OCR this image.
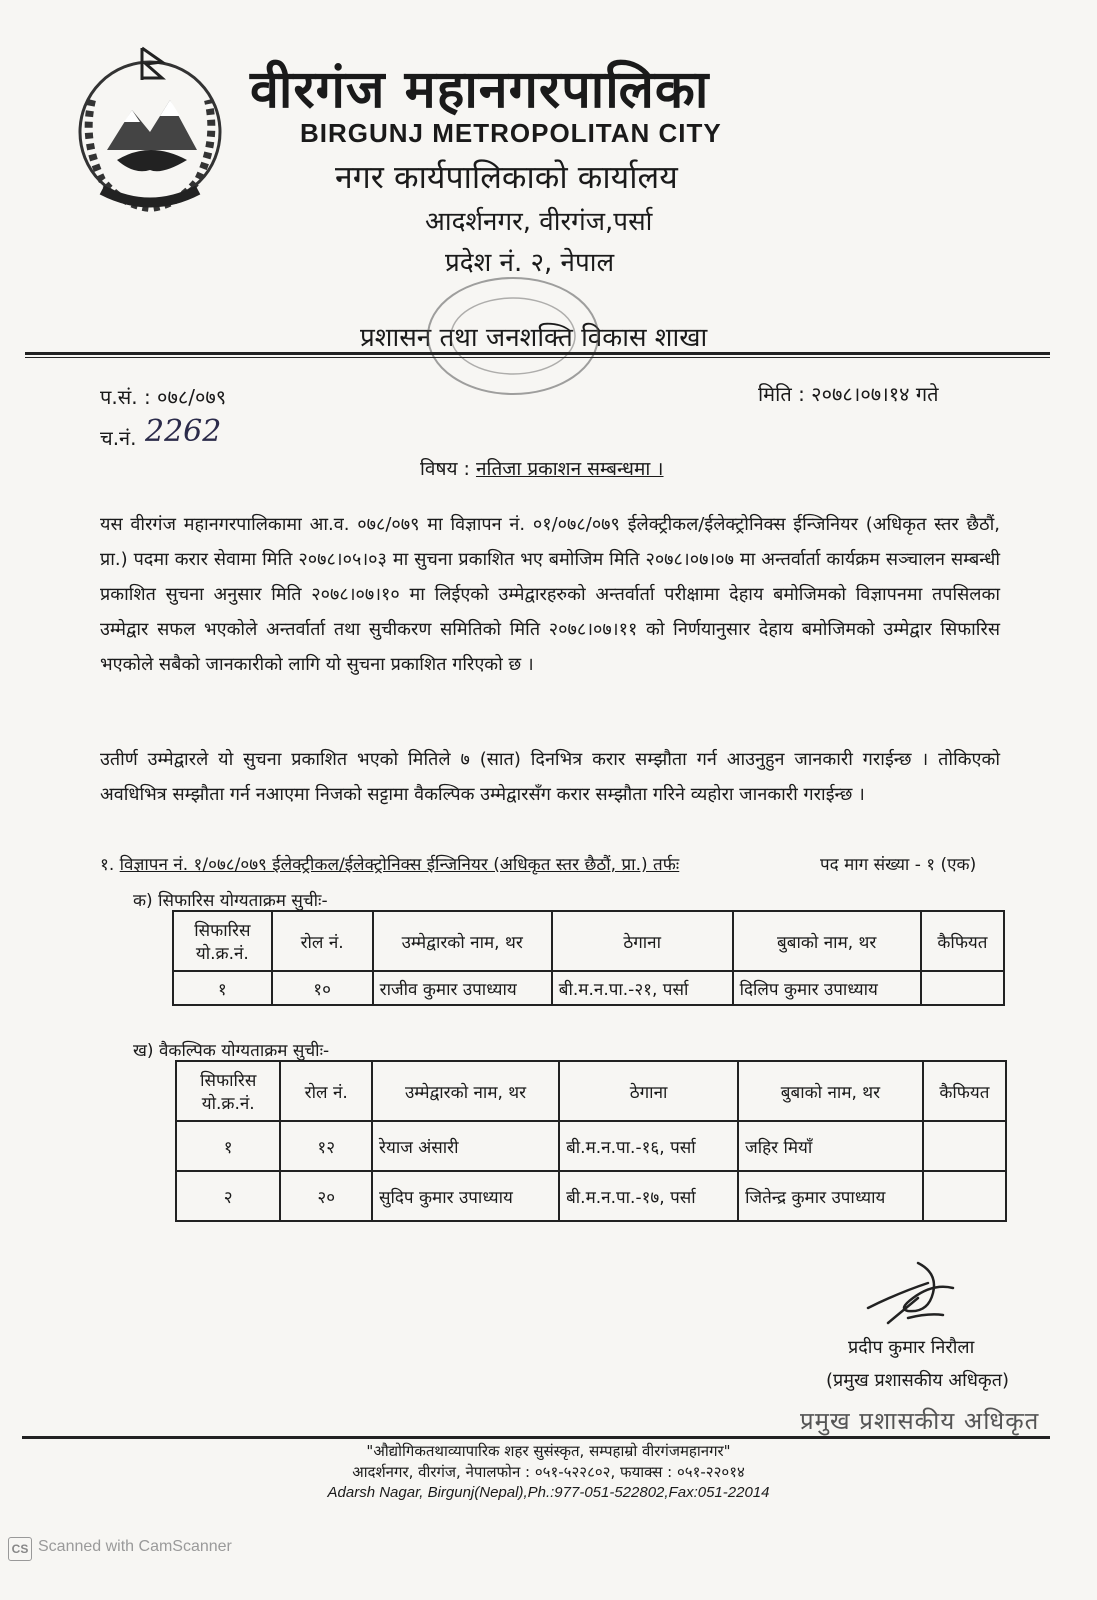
वीरगंज महानगरपालिका
BIRGUNJ METROPOLITAN CITY
नगर कार्यपालिकाको कार्यालय
आदर्शनगर, वीरगंज,पर्सा
प्रदेश नं. २, नेपाल
प्रशासन तथा जनशक्ति विकास शाखा
प.सं. : ०७८/०७९
च.नं. 2262
मिति : २०७८।०७।१४ गते
विषय : नतिजा प्रकाशन सम्बन्धमा ।
यस वीरगंज महानगरपालिकामा आ.व. ०७८/०७९ मा विज्ञापन नं. ०१/०७८/०७९ ईलेक्ट्रीकल/ईलेक्ट्रोनिक्स ईन्जिनियर (अधिकृत स्तर छैठौं, प्रा.) पदमा करार सेवामा मिति २०७८।०५।०३ मा सुचना प्रकाशित भए बमोजिम मिति २०७८।०७।०७ मा अन्तर्वार्ता कार्यक्रम सञ्चालन सम्बन्धी प्रकाशित सुचना अनुसार मिति २०७८।०७।१० मा लिईएको उम्मेद्वारहरुको अन्तर्वार्ता परीक्षामा देहाय बमोजिमको विज्ञापनमा तपसिलका उम्मेद्वार सफल भएकोले अन्तर्वार्ता तथा सुचीकरण समितिको मिति २०७८।०७।११ को निर्णयानुसार देहाय बमोजिमको उम्मेद्वार सिफारिस भएकोले सबैको जानकारीको लागि यो सुचना प्रकाशित गरिएको छ ।
उतीर्ण उम्मेद्वारले यो सुचना प्रकाशित भएको मितिले ७ (सात) दिनभित्र करार सम्झौता गर्न आउनुहुन जानकारी गराईन्छ । तोकिएको अवधिभित्र सम्झौता गर्न नआएमा निजको सट्टामा वैकल्पिक उम्मेद्वारसँग करार सम्झौता गरिने व्यहोरा जानकारी गराईन्छ ।
१. विज्ञापन नं. १/०७८/०७९ ईलेक्ट्रीकल/ईलेक्ट्रोनिक्स ईन्जिनियर (अधिकृत स्तर छैठौं, प्रा.) तर्फः	पद माग संख्या - १ (एक)
क) सिफारिस योग्यताक्रम सुचीः-
सिफारिस
यो.क्र.नं.	रोल नं.	उम्मेद्वारको नाम, थर	ठेगाना	बुबाको नाम, थर	कैफियत
१	१०	राजीव कुमार उपाध्याय	बी.म.न.पा.-२१, पर्सा	दिलिप कुमार उपाध्याय	
ख) वैकल्पिक योग्यताक्रम सुचीः-
सिफारिस
यो.क्र.नं.	रोल नं.	उम्मेद्वारको नाम, थर	ठेगाना	बुबाको नाम, थर	कैफियत
१	१२	रेयाज अंसारी	बी.म.न.पा.-१६, पर्सा	जहिर मियाँ	
२	२०	सुदिप कुमार उपाध्याय	बी.म.न.पा.-१७, पर्सा	जितेन्द्र कुमार उपाध्याय	
प्रदीप कुमार निरौला
(प्रमुख प्रशासकीय अधिकृत)
प्रमुख प्रशासकीय अधिकृत
"औद्योगिकतथाव्यापारिक शहर सुसंस्कृत, सम्पहाम्रो वीरगंजमहानगर"
आदर्शनगर, वीरगंज, नेपालफोन : ०५१-५२२८०२, फयाक्स : ०५१-२२०१४
Adarsh Nagar, Birgunj(Nepal),Ph.:977-051-522802,Fax:051-22014
CS Scanned with CamScanner
